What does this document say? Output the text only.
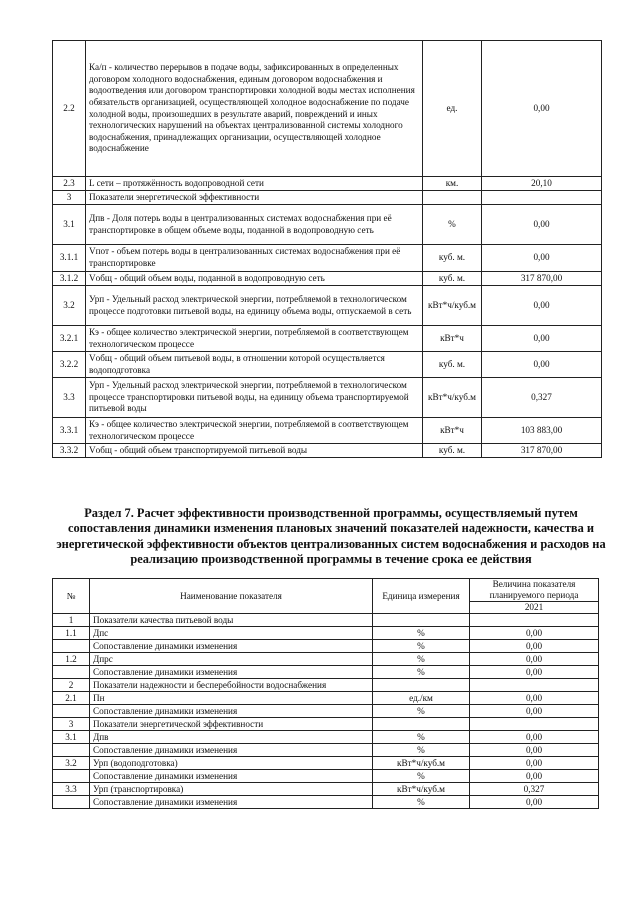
2.2	Ка/п - количество перерывов в подаче воды, зафиксированных в определенных договором холодного водоснабжения, единым договором водоснабжения и водоотведения или договором транспортировки холодной воды местах исполнения обязательств организацией, осуществляющей холодное водоснабжение по подаче холодной воды, произошедших в результате аварий, повреждений и иных технологических нарушений на объектах централизованной системы холодного водоснабжения, принадлежащих организации, осуществляющей холодное водоснабжение	ед.	0,00
2.3	L сети – протяжённость водопроводной сети	км.	20,10
3	Показатели энергетической эффективности		
3.1	Дпв - Доля потерь воды в централизованных системах водоснабжения при её транспортировке в общем объеме воды, поданной в водопроводную сеть	%	0,00
3.1.1	Vпот - объем потерь воды в централизованных системах водоснабжения при её транспортировке	куб. м.	0,00
3.1.2	Vобщ - общий объем воды, поданной в водопроводную сеть	куб. м.	317 870,00
3.2	Урп - Удельный расход электрической энергии, потребляемой в технологическом процессе подготовки питьевой воды, на единицу объема воды, отпускаемой в сеть	кВт*ч/куб.м	0,00
3.2.1	Кэ - общее количество электрической энергии, потребляемой в соответствующем технологическом процессе	кВт*ч	0,00
3.2.2	Vобщ - общий объем питьевой воды, в отношении которой осуществляется водоподготовка	куб. м.	0,00
3.3	Урп - Удельный расход электрической энергии, потребляемой в технологическом процессе транспортировки питьевой воды, на единицу объема транспортируемой питьевой воды	кВт*ч/куб.м	0,327
3.3.1	Кэ - общее количество электрической энергии, потребляемой в соответствующем технологическом процессе	кВт*ч	103 883,00
3.3.2	Vобщ - общий объем транспортируемой питьевой воды	куб. м.	317 870,00
Раздел 7. Расчет эффективности производственной программы, осуществляемый путем сопоставления динамики изменения плановых значений показателей надежности, качества и энергетической эффективности объектов централизованных систем водоснабжения и расходов на реализацию производственной программы в течение срока ее действия
№	Наименование показателя	Единица измерения	Величина показателя планируемого периода
			2021
1	Показатели качества питьевой воды		
1.1	Дпс	%	0,00
	Сопоставление динамики изменения	%	0,00
1.2	Дпрс	%	0,00
	Сопоставление динамики изменения	%	0,00
2	Показатели надежности и бесперебойности водоснабжения		
2.1	Пн	ед./км	0,00
	Сопоставление динамики изменения	%	0,00
3	Показатели энергетической эффективности		
3.1	Дпв	%	0,00
	Сопоставление динамики изменения	%	0,00
3.2	Урп (водоподготовка)	кВт*ч/куб.м	0,00
	Сопоставление динамики изменения	%	0,00
3.3	Урп (транспортировка)	кВт*ч/куб.м	0,327
	Сопоставление динамики изменения	%	0,00
